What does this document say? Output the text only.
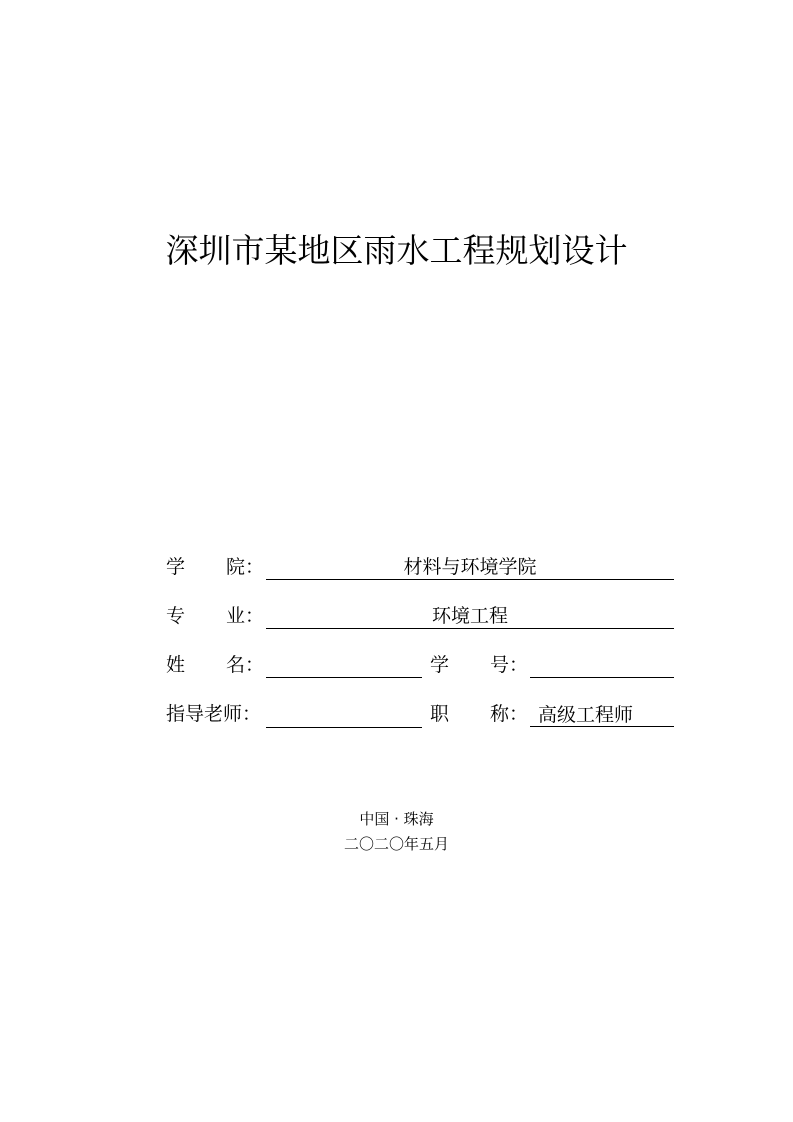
深圳市某地区雨水工程规划设计
学 院：	材料与环境学院
专 业：	环境工程
姓 名：	学 号：
指导老师：	职 称： 高级工程师
中国 · 珠海
二〇二〇年五月
